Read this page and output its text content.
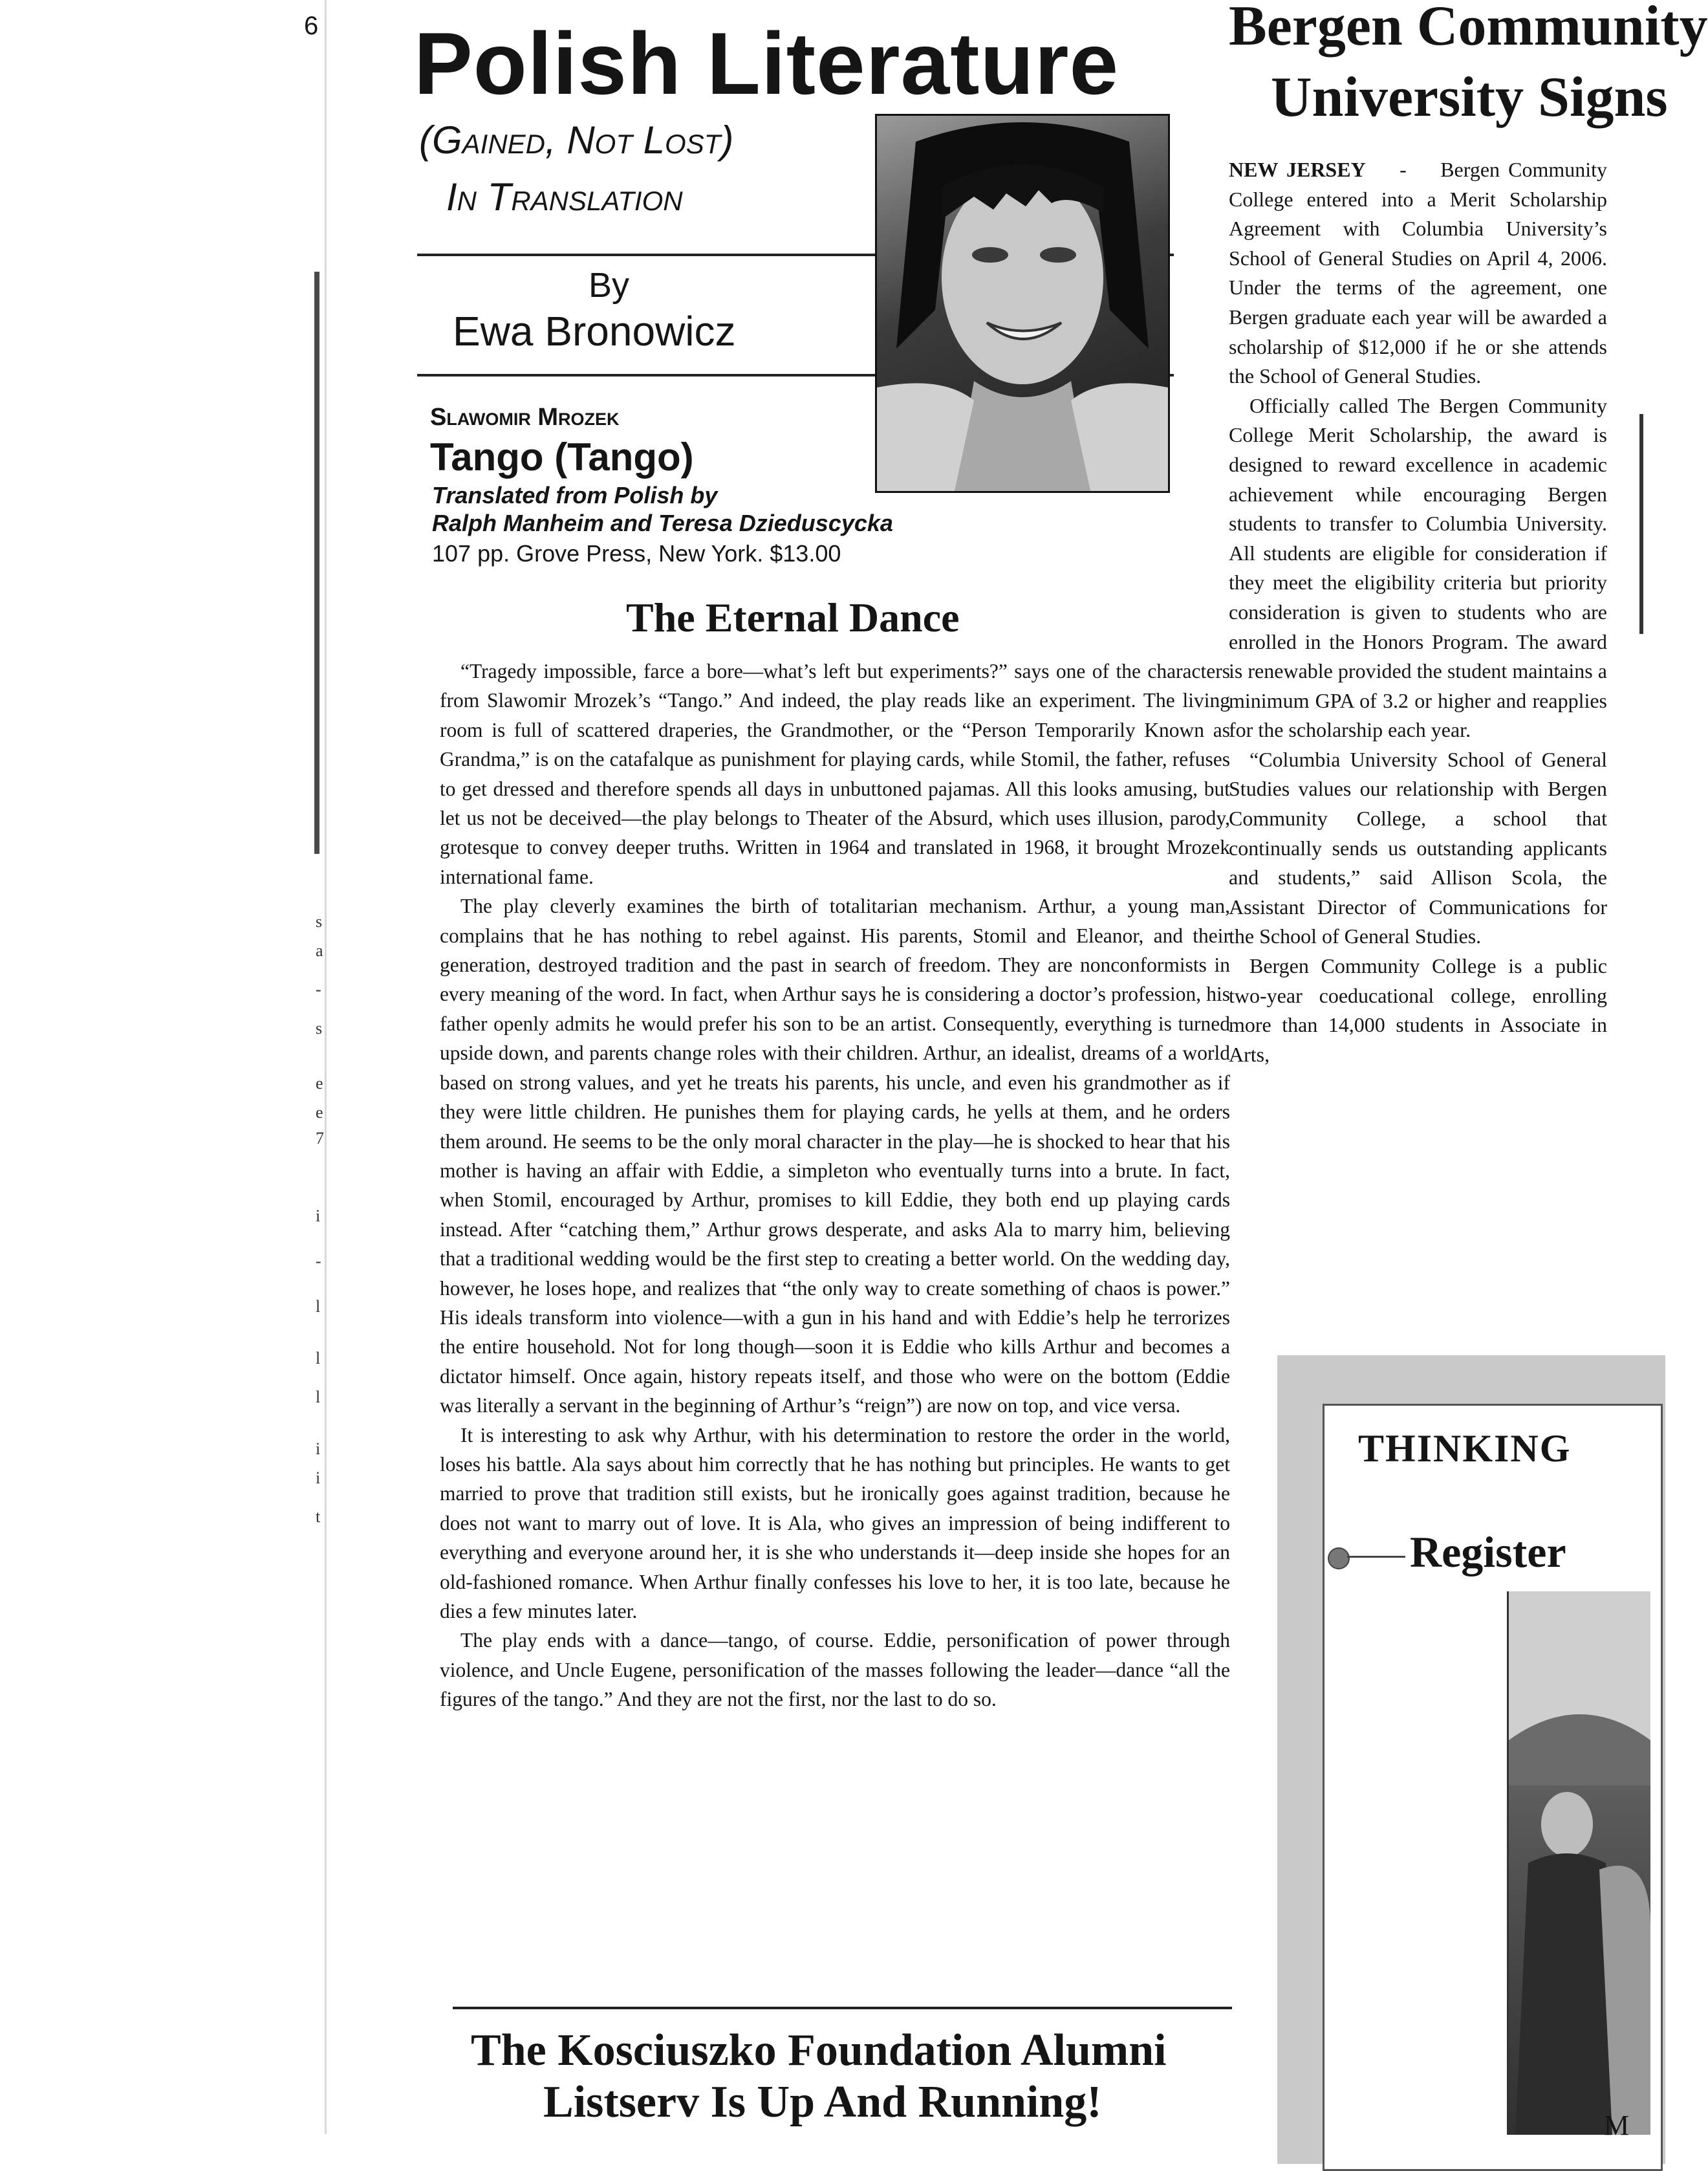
6
s
a
-
s
e
e
7
i
-
l
l
l
i
i
t
Polish Literature
(Gained, Not Lost)
In Translation
By
Ewa Bronowicz
Slawomir Mrozek
Tango (Tango)
Translated from Polish by
Ralph Manheim and Teresa Dzieduscycka
107 pp. Grove Press, New York. $13.00
The Eternal Dance

“Tragedy impossible, farce a bore—what’s left but experiments?” says one of the characters from Slawomir Mrozek’s “Tango.” And indeed, the play reads like an experiment. The living room is full of scattered draperies, the Grandmother, or the “Person Temporarily Known as Grandma,” is on the catafalque as punishment for playing cards, while Stomil, the father, refuses to get dressed and therefore spends all days in unbuttoned pajamas. All this looks amusing, but let us not be deceived—the play belongs to Theater of the Absurd, which uses illusion, parody, grotesque to convey deeper truths. Written in 1964 and translated in 1968, it brought Mrozek international fame.

The play cleverly examines the birth of totalitarian mechanism. Arthur, a young man, complains that he has nothing to rebel against. His parents, Stomil and Eleanor, and their generation, destroyed tradition and the past in search of freedom. They are nonconformists in every meaning of the word. In fact, when Arthur says he is considering a doctor’s profession, his father openly admits he would prefer his son to be an artist. Consequently, everything is turned upside down, and parents change roles with their children. Arthur, an idealist, dreams of a world based on strong values, and yet he treats his parents, his uncle, and even his grandmother as if they were little children. He punishes them for playing cards, he yells at them, and he orders them around. He seems to be the only moral character in the play—he is shocked to hear that his mother is having an affair with Eddie, a simpleton who eventually turns into a brute. In fact, when Stomil, encouraged by Arthur, promises to kill Eddie, they both end up playing cards instead. After “catching them,” Arthur grows desperate, and asks Ala to marry him, believing that a traditional wedding would be the first step to creating a better world. On the wedding day, however, he loses hope, and realizes that “the only way to create something of chaos is power.” His ideals transform into violence—with a gun in his hand and with Eddie’s help he terrorizes the entire household. Not for long though—soon it is Eddie who kills Arthur and becomes a dictator himself. Once again, history repeats itself, and those who were on the bottom (Eddie was literally a servant in the beginning of Arthur’s “reign”) are now on top, and vice versa.

It is interesting to ask why Arthur, with his determination to restore the order in the world, loses his battle. Ala says about him correctly that he has nothing but principles. He wants to get married to prove that tradition still exists, but he ironically goes against tradition, because he does not want to marry out of love. It is Ala, who gives an impression of being indifferent to everything and everyone around her, it is she who understands it—deep inside she hopes for an old-fashioned romance. When Arthur finally confesses his love to her, it is too late, because he dies a few minutes later.

The play ends with a dance—tango, of course. Eddie, personification of power through violence, and Uncle Eugene, personification of the masses following the leader—dance “all the figures of the tango.” And they are not the first, nor the last to do so.

The Kosciuszko Foundation Alumni
Listserv Is Up And Running!
Bergen Community
University Signs

NEW JERSEY - Bergen Community College entered into a Merit Scholarship Agreement with Columbia University’s School of General Studies on April 4, 2006. Under the terms of the agreement, one Bergen graduate each year will be awarded a scholarship of $12,000 if he or she attends the School of General Studies.

Officially called The Bergen Community College Merit Scholarship, the award is designed to reward excellence in academic achievement while encouraging Bergen students to transfer to Columbia University. All students are eligible for consideration if they meet the eligibility criteria but priority consideration is given to students who are enrolled in the Honors Program. The award is renewable provided the student maintains a minimum GPA of 3.2 or higher and reapplies for the scholarship each year.

“Columbia University School of General Studies values our relationship with Bergen Community College, a school that continually sends us outstanding applicants and students,” said Allison Scola, the Assistant Director of Communications for the School of General Studies.

Bergen Community College is a public two-year coeducational college, enrolling more than 14,000 students in Associate in Arts,

THINKING
Register
M
